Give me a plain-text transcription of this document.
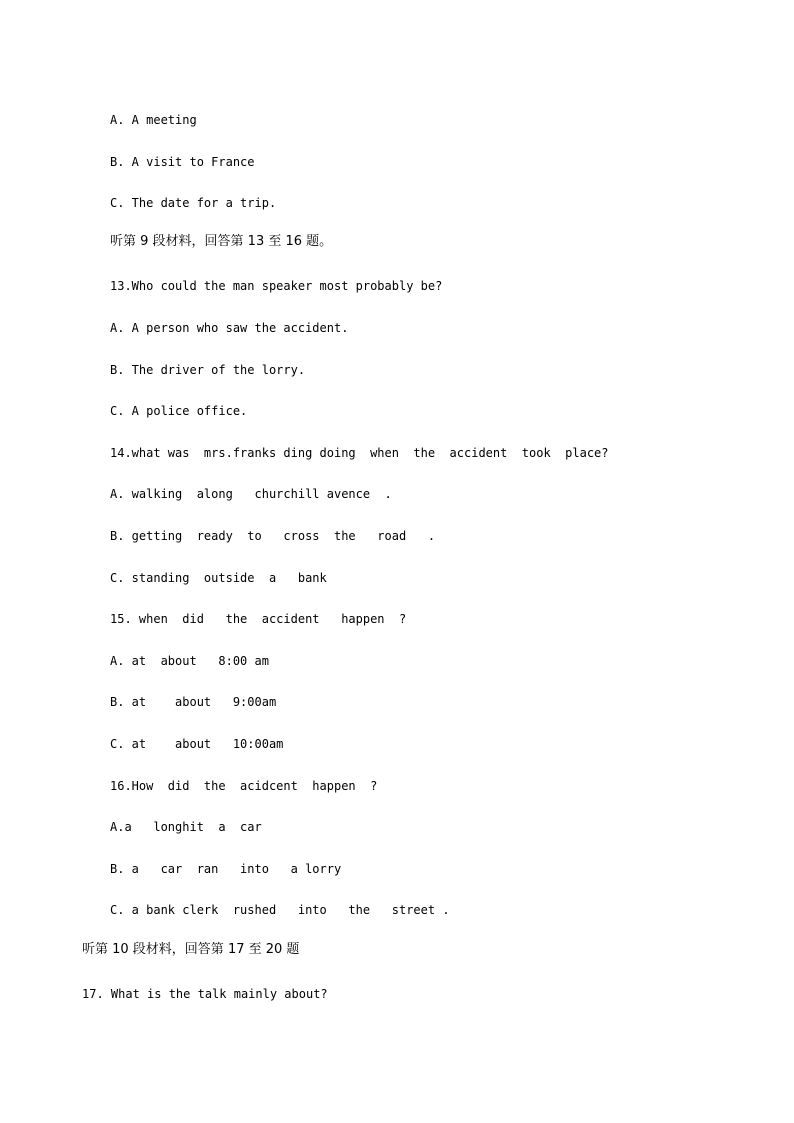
A. A meeting
B. A visit to France
C. The date for a trip.
听第 9 段材料，回答第 13 至 16 题。
13.Who could the man speaker most probably be?
A. A person who saw the accident.
B. The driver of the lorry.
C. A police office.
14.what was  mrs.franks ding doing  when  the  accident  took  place?
A. walking  along   churchill avence  .
B. getting  ready  to   cross  the   road   .
C. standing  outside  a   bank
15. when  did   the  accident   happen  ?
A. at  about   8:00 am
B. at    about   9:00am
C. at    about   10:00am
16.How  did  the  acidcent  happen  ?
A.a   longhit  a  car
B. a   car  ran   into   a lorry
C. a bank clerk  rushed   into   the   street .
听第 10 段材料，回答第 17 至 20 题
17. What is the talk mainly about?
